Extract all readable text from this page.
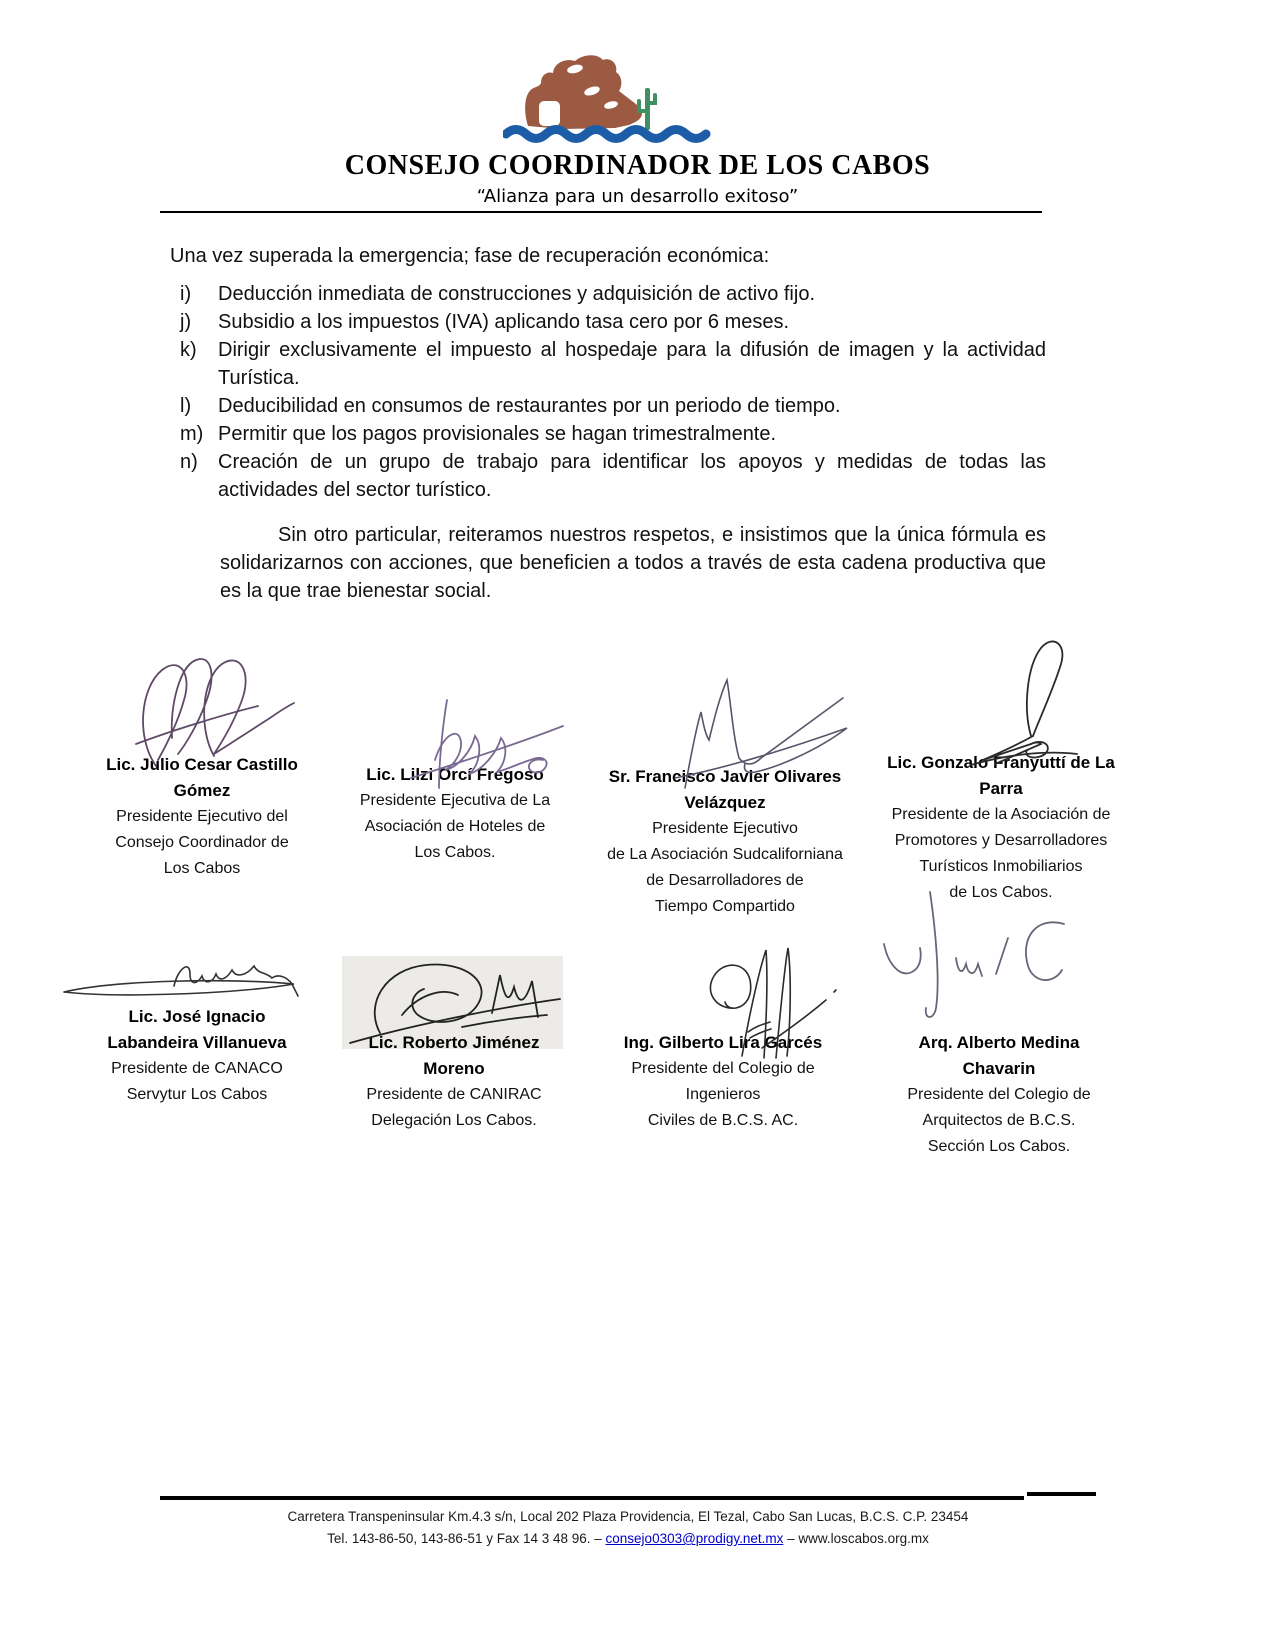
CONSEJO COORDINADOR DE LOS CABOS
“Alianza para un desarrollo exitoso”
Una vez superada la emergencia; fase de recuperación económica:
i)	Deducción inmediata de construcciones y adquisición de activo fijo.
j)	Subsidio a los impuestos (IVA) aplicando tasa cero por 6 meses.
k)	Dirigir exclusivamente el impuesto al hospedaje para la difusión de imagen y la actividad Turística.
l)	Deducibilidad en consumos de restaurantes por un periodo de tiempo.
m) Permitir que los pagos provisionales se hagan trimestralmente.
n)	Creación de un grupo de trabajo para identificar los apoyos y medidas de todas las actividades del sector turístico.
Sin otro particular, reiteramos nuestros respetos, e insistimos que la única fórmula es solidarizarnos con acciones, que beneficien a todos a través de esta cadena productiva que es la que trae bienestar social.
Lic. Julio Cesar Castillo
Gómez
Presidente Ejecutivo del
Consejo Coordinador de
Los Cabos
Lic. Lilzi Orcí Fregoso
Presidente Ejecutiva de La
Asociación de Hoteles de
Los Cabos.
Sr. Francisco Javier Olivares
Velázquez
Presidente Ejecutivo
de La Asociación Sudcaliforniana
de Desarrolladores de
Tiempo Compartido
Lic. Gonzalo Franyuttí de La
Parra
Presidente de la Asociación de
Promotores y Desarrolladores
Turísticos Inmobiliarios
de Los Cabos.
Lic. José Ignacio
Labandeira Villanueva
Presidente de CANACO
Servytur Los Cabos
Lic. Roberto Jiménez
Moreno
Presidente de CANIRAC
Delegación Los Cabos.
Ing. Gilberto Lira Garcés
Presidente del Colegio de
Ingenieros
Civiles de B.C.S. AC.
Arq. Alberto Medina
Chavarin
Presidente del Colegio de
Arquitectos de B.C.S.
Sección Los Cabos.
Carretera Transpeninsular Km.4.3 s/n, Local 202 Plaza Providencia, El Tezal, Cabo San Lucas, B.C.S. C.P. 23454
Tel. 143-86-50, 143-86-51 y Fax 14 3 48 96. – consejo0303@prodigy.net.mx – www.loscabos.org.mx
